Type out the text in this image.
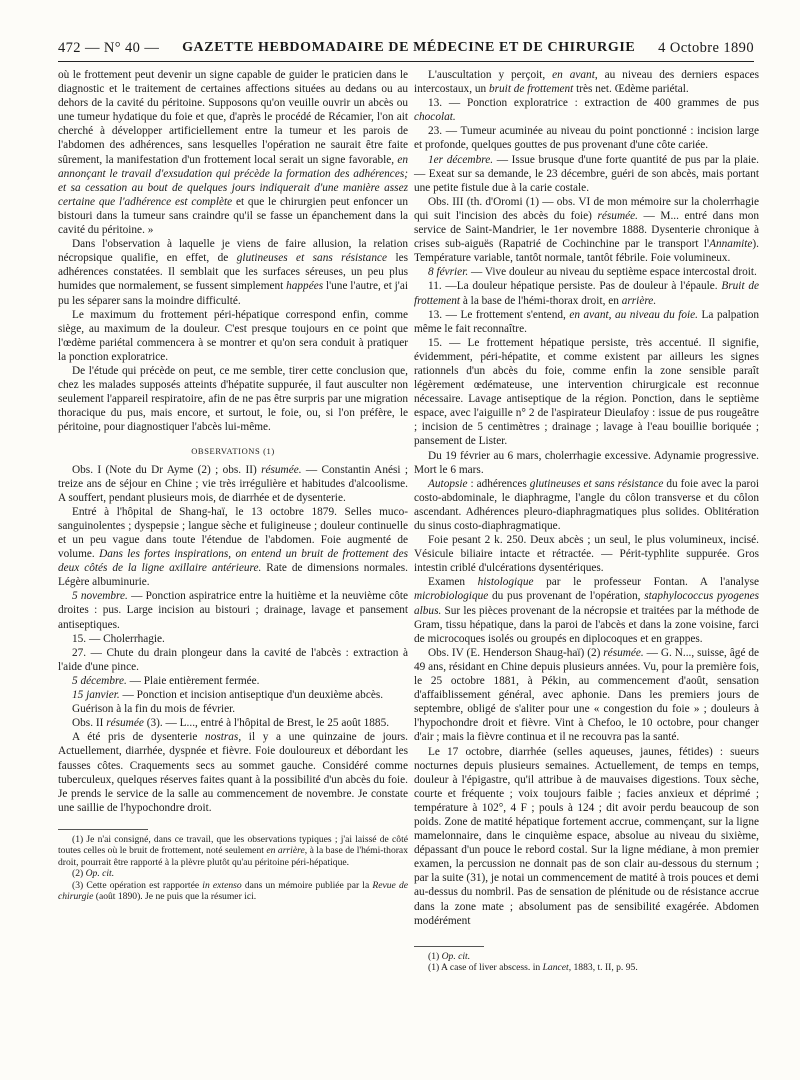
472 — N° 40 — GAZETTE HEBDOMADAIRE DE MÉDECINE ET DE CHIRURGIE 4 Octobre 1890

où le frottement peut devenir un signe capable de guider le praticien dans le diagnostic et le traitement de certaines affections situées au dedans ou au dehors de la cavité du péritoine. Supposons qu'on veuille ouvrir un abcès ou une tumeur hydatique du foie et que, d'après le procédé de Récamier, l'on ait cherché à développer artificiellement entre la tumeur et les parois de l'abdomen des adhérences, sans lesquelles l'opération ne saurait être faite sûrement, la manifestation d'un frottement local serait un signe favorable, en annonçant le travail d'exsudation qui précède la formation des adhérences; et sa cessation au bout de quelques jours indiquerait d'une manière assez certaine que l'adhérence est complète et que le chirurgien peut enfoncer un bistouri dans la tumeur sans craindre qu'il se fasse un épanchement dans la cavité du péritoine. »

Dans l'observation à laquelle je viens de faire allusion, la relation nécropsique qualifie, en effet, de glutineuses et sans résistance les adhérences constatées. Il semblait que les surfaces séreuses, un peu plus humides que normalement, se fussent simplement happées l'une l'autre, et j'ai pu les séparer sans la moindre difficulté.

Le maximum du frottement péri-hépatique correspond enfin, comme siège, au maximum de la douleur. C'est presque toujours en ce point que l'œdème pariétal commencera à se montrer et qu'on sera conduit à pratiquer la ponction exploratrice.

De l'étude qui précède on peut, ce me semble, tirer cette conclusion que, chez les malades supposés atteints d'hépatite suppurée, il faut ausculter non seulement l'appareil respiratoire, afin de ne pas être surpris par une migration thoracique du pus, mais encore, et surtout, le foie, ou, si l'on préfère, le péritoine, pour diagnostiquer l'abcès lui-même.

OBSERVATIONS (1)

Obs. I (Note du Dr Ayme (2) ; obs. II) résumée. — Constantin Anési ; treize ans de séjour en Chine ; vie très irrégulière et habitudes d'alcoolisme. A souffert, pendant plusieurs mois, de diarrhée et de dysenterie.

Entré à l'hôpital de Shang-haï, le 13 octobre 1879. Selles muco-sanguinolentes ; dyspepsie ; langue sèche et fuligineuse ; douleur continuelle et un peu vague dans toute l'étendue de l'abdomen. Foie augmenté de volume. Dans les fortes inspirations, on entend un bruit de frottement des deux côtés de la ligne axillaire antérieure. Rate de dimensions normales. Légère albuminurie.

5 novembre. — Ponction aspiratrice entre la huitième et la neuvième côte droites : pus. Large incision au bistouri ; drainage, lavage et pansement antiseptiques.

15. — Cholerrhagie.

27. — Chute du drain plongeur dans la cavité de l'abcès : extraction à l'aide d'une pince.

5 décembre. — Plaie entièrement fermée.

15 janvier. — Ponction et incision antiseptique d'un deuxième abcès.

Guérison à la fin du mois de février.

Obs. II résumée (3). — L..., entré à l'hôpital de Brest, le 25 août 1885.

A été pris de dysenterie nostras, il y a une quinzaine de jours. Actuellement, diarrhée, dyspnée et fièvre. Foie douloureux et débordant les fausses côtes. Craquements secs au sommet gauche. Considéré comme tuberculeux, quelques réserves faites quant à la possibilité d'un abcès du foie. Je prends le service de la salle au commencement de novembre. Je constate une saillie de l'hypochondre droit.

(1) Je n'ai consigné, dans ce travail, que les observations typiques ; j'ai laissé de côté toutes celles où le bruit de frottement, noté seulement en arrière, à la base de l'hémi-thorax droit, pourrait être rapporté à la plèvre plutôt qu'au péritoine péri-hépatique.

(2) Op. cit.

(3) Cette opération est rapportée in extenso dans un mémoire publiée par la Revue de chirurgie (août 1890). Je ne puis que la résumer ici.

L'auscultation y perçoit, en avant, au niveau des derniers espaces intercostaux, un bruit de frottement très net. Œdème pariétal.

13. — Ponction exploratrice : extraction de 400 grammes de pus chocolat.

23. — Tumeur acuminée au niveau du point ponctionné : incision large et profonde, quelques gouttes de pus provenant d'une côte cariée.

1er décembre. — Issue brusque d'une forte quantité de pus par la plaie. — Exeat sur sa demande, le 23 décembre, guéri de son abcès, mais portant une petite fistule due à la carie costale.

Obs. III (th. d'Oromi (1) — obs. VI de mon mémoire sur la cholerrhagie qui suit l'incision des abcès du foie) résumée. — M... entré dans mon service de Saint-Mandrier, le 1er novembre 1888. Dysenterie chronique à crises sub-aiguës (Rapatrié de Cochinchine par le transport l'Annamite). Température variable, tantôt normale, tantôt fébrile. Foie volumineux.

8 février. — Vive douleur au niveau du septième espace intercostal droit.

11. —La douleur hépatique persiste. Pas de douleur à l'épaule. Bruit de frottement à la base de l'hémi-thorax droit, en arrière.

13. — Le frottement s'entend, en avant, au niveau du foie. La palpation même le fait reconnaître.

15. — Le frottement hépatique persiste, très accentué. Il signifie, évidemment, péri-hépatite, et comme existent par ailleurs les signes rationnels d'un abcès du foie, comme enfin la zone sensible paraît légèrement œdémateuse, une intervention chirurgicale est reconnue nécessaire. Lavage antiseptique de la région. Ponction, dans le septième espace, avec l'aiguille n° 2 de l'aspirateur Dieulafoy : issue de pus rougeâtre ; incision de 5 centimètres ; drainage ; lavage à l'eau bouillie boriquée ; pansement de Lister.

Du 19 février au 6 mars, cholerrhagie excessive. Adynamie progressive. Mort le 6 mars.

Autopsie : adhérences glutineuses et sans résistance du foie avec la paroi costo-abdominale, le diaphragme, l'angle du côlon transverse et du côlon ascendant. Adhérences pleuro-diaphragmatiques plus solides. Oblitération du sinus costo-diaphragmatique.

Foie pesant 2 k. 250. Deux abcès ; un seul, le plus volumineux, incisé. Vésicule biliaire intacte et rétractée. — Périt-typhlite suppurée. Gros intestin criblé d'ulcérations dysentériques.

Examen histologique par le professeur Fontan. A l'analyse microbiologique du pus provenant de l'opération, staphylococcus pyogenes albus. Sur les pièces provenant de la nécropsie et traitées par la méthode de Gram, tissu hépatique, dans la paroi de l'abcès et dans la zone voisine, farci de microcoques isolés ou groupés en diplocoques et en grappes.

Obs. IV (E. Henderson Shaug-haï) (2) résumée. — G. N..., suisse, âgé de 49 ans, résidant en Chine depuis plusieurs années. Vu, pour la première fois, le 25 octobre 1881, à Pékin, au commencement d'août, sensation d'affaiblissement général, avec aphonie. Dans les premiers jours de septembre, obligé de s'aliter pour une « congestion du foie » ; douleurs à l'hypochondre droit et fièvre. Vint à Chefoo, le 10 octobre, pour changer d'air ; mais la fièvre continua et il ne recouvra pas la santé.

Le 17 octobre, diarrhée (selles aqueuses, jaunes, fétides) : sueurs nocturnes depuis plusieurs semaines. Actuellement, de temps en temps, douleur à l'épigastre, qu'il attribue à de mauvaises digestions. Toux sèche, courte et fréquente ; voix toujours faible ; facies anxieux et déprimé ; température à 102°, 4 F ; pouls à 124 ; dit avoir perdu beaucoup de son poids. Zone de matité hépatique fortement accrue, commençant, sur la ligne mamelonnaire, dans le cinquième espace, absolue au niveau du sixième, dépassant d'un pouce le rebord costal. Sur la ligne médiane, à mon premier examen, la percussion ne donnait pas de son clair au-dessous du sternum ; par la suite (31), je notai un commencement de matité à trois pouces et demi au-dessus du nombril. Pas de sensation de plénitude ou de résistance accrue dans la zone mate ; absolument pas de sensibilité exagérée. Abdomen modérément

(1) Op. cit.

(1) A case of liver abscess. in Lancet, 1883, t. II, p. 95.
